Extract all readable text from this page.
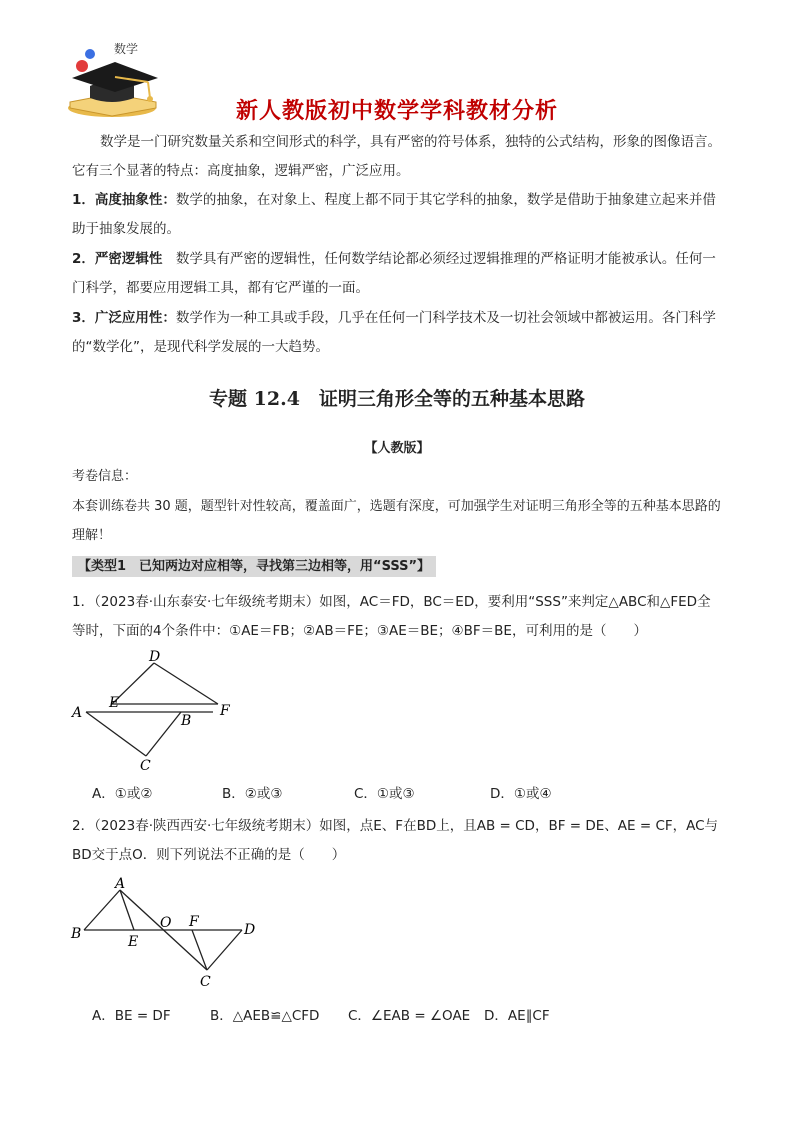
数学
新人教版初中数学学科教材分析
数学是一门研究数量关系和空间形式的科学，具有严密的符号体系，独特的公式结构，形象的图像语言。它有三个显著的特点：高度抽象，逻辑严密，广泛应用。
1．高度抽象性：数学的抽象，在对象上、程度上都不同于其它学科的抽象，数学是借助于抽象建立起来并借助于抽象发展的。
2．严密逻辑性　 数学具有严密的逻辑性，任何数学结论都必须经过逻辑推理的严格证明才能被承认。任何一门科学，都要应用逻辑工具，都有它严谨的一面。
3．广泛应用性：数学作为一种工具或手段，几乎在任何一门科学技术及一切社会领域中都被运用。各门科学的“数学化”，是现代科学发展的一大趋势。
专题 12.4　证明三角形全等的五种基本思路
【人教版】
考卷信息：
本套训练卷共 30 题，题型针对性较高，覆盖面广，选题有深度，可加强学生对证明三角形全等的五种基本思路的理解！
【类型1　已知两边对应相等，寻找第三边相等，用“SSS”】
1．（2023春·山东泰安·七年级统考期末）如图，AC＝FD，BC＝ED，要利用“SSS”来判定△ABC和△FED全等时，下面的4个条件中：①AE＝FB；②AB＝FE；③AE＝BE；④BF＝BE，可利用的是（　　）
D
E
B
F
A
C
A．①或②	B．②或③	C．①或③	D．①或④
2．（2023春·陕西西安·七年级统考期末）如图，点E、F在BD上，且AB = CD，BF = DE、AE = CF，AC与BD交于点O．则下列说法不正确的是（　　）
A
O F	D
B	E
C
A．BE = DF	B．△AEB≌△CFD	C．∠EAB = ∠OAE	D．AE∥CF
